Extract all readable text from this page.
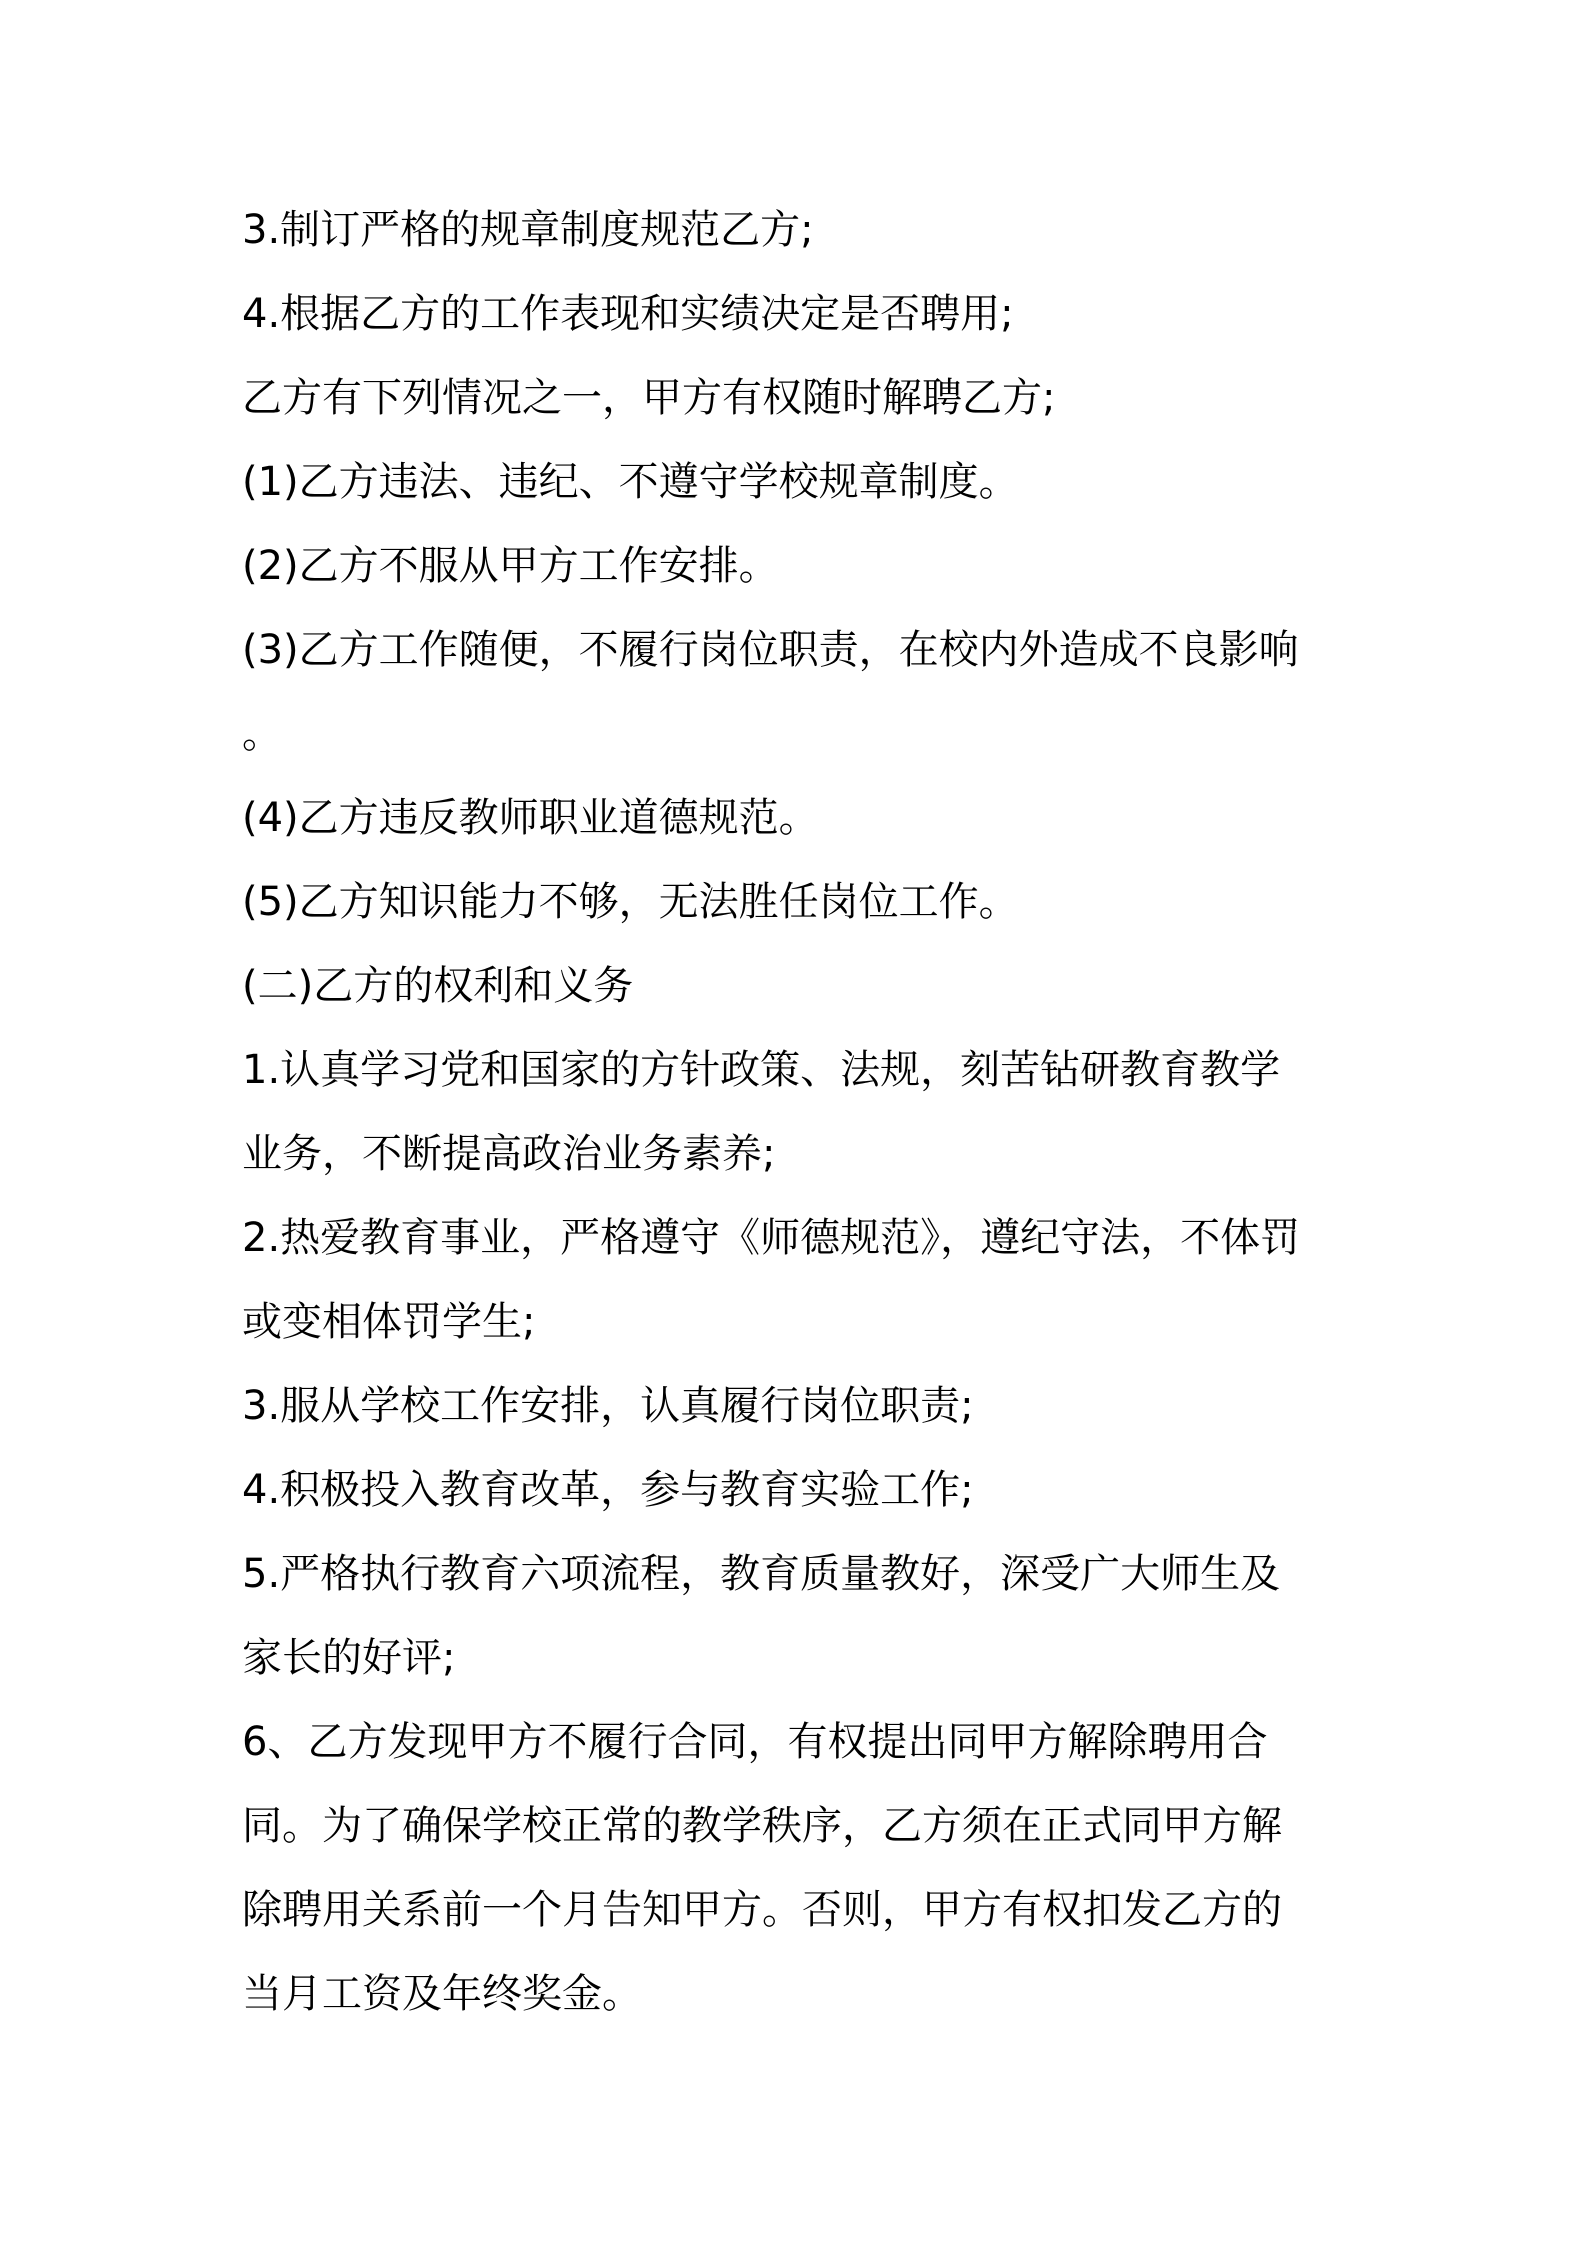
3.制订严格的规章制度规范乙方;
4.根据乙方的工作表现和实绩决定是否聘用;
乙方有下列情况之一，甲方有权随时解聘乙方;
(1)乙方违法、违纪、不遵守学校规章制度。
(2)乙方不服从甲方工作安排。
(3)乙方工作随便，不履行岗位职责，在校内外造成不良影响
。
(4)乙方违反教师职业道德规范。
(5)乙方知识能力不够，无法胜任岗位工作。
(二)乙方的权利和义务
1.认真学习党和国家的方针政策、法规，刻苦钻研教育教学
业务，不断提高政治业务素养;
2.热爱教育事业，严格遵守《师德规范》，遵纪守法，不体罚
或变相体罚学生;
3.服从学校工作安排，认真履行岗位职责;
4.积极投入教育改革，参与教育实验工作;
5.严格执行教育六项流程，教育质量教好，深受广大师生及
家长的好评;
6、乙方发现甲方不履行合同，有权提出同甲方解除聘用合
同。为了确保学校正常的教学秩序，乙方须在正式同甲方解
除聘用关系前一个月告知甲方。否则，甲方有权扣发乙方的
当月工资及年终奖金。
